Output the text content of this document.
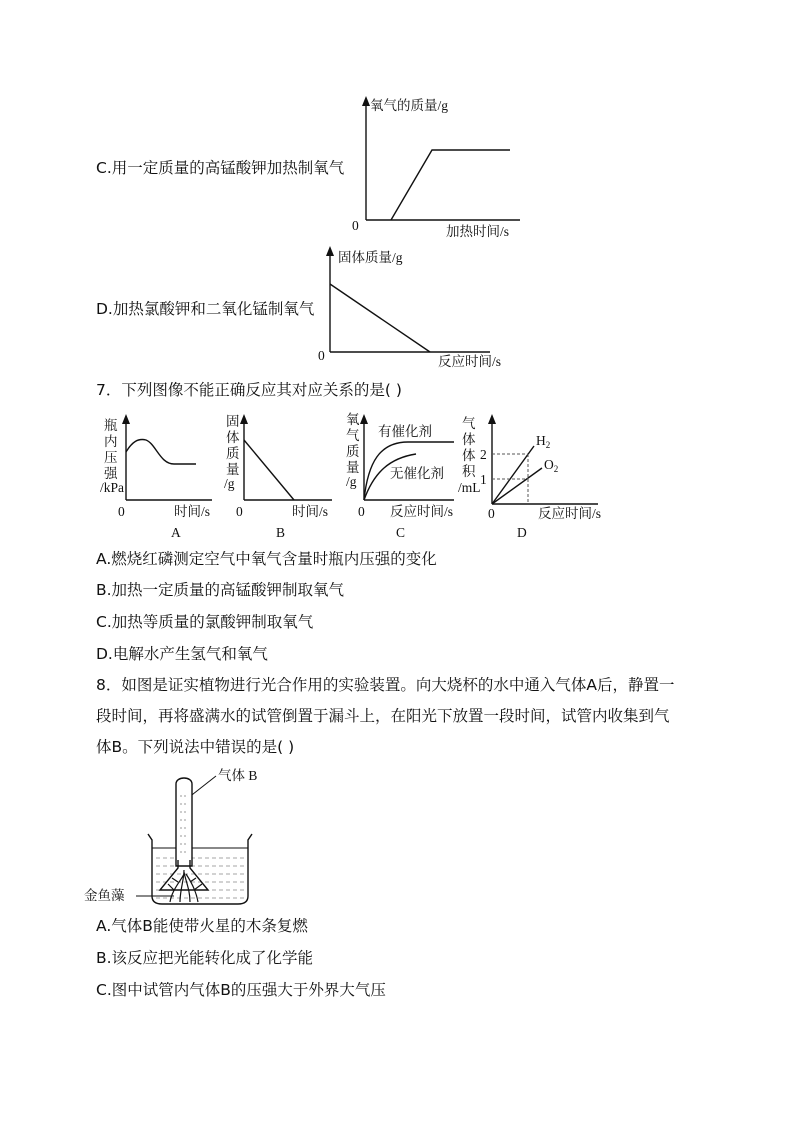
C.用一定质量的高锰酸钾加热制氧气
氧气的质量/g
0	加热时间/s
D.加热氯酸钾和二氧化锰制氧气
固体质量/g
0	反应时间/s
7．下列图像不能正确反应其对应关系的是( )
瓶
内
压
强
/kPa
0	时间/s
A
固
体
质
量
/g
0	时间/s
B
氧
气
质
量
/g
有催化剂
无催化剂
0 反应时间/s
C
气
体
体
积
/mL
2
1
$H_2$
$O_2$
0	反应时间/s
D
A.燃烧红磷测定空气中氧气含量时瓶内压强的变化
B.加热一定质量的高锰酸钾制取氧气
C.加热等质量的氯酸钾制取氧气
D.电解水产生氢气和氧气
8．如图是证实植物进行光合作用的实验装置。向大烧杯的水中通入气体A后，静置一
段时间，再将盛满水的试管倒置于漏斗上，在阳光下放置一段时间，试管内收集到气
体B。下列说法中错误的是( )
气体 B
金鱼藻
A.气体B能使带火星的木条复燃
B.该反应把光能转化成了化学能
C.图中试管内气体B的压强大于外界大气压
